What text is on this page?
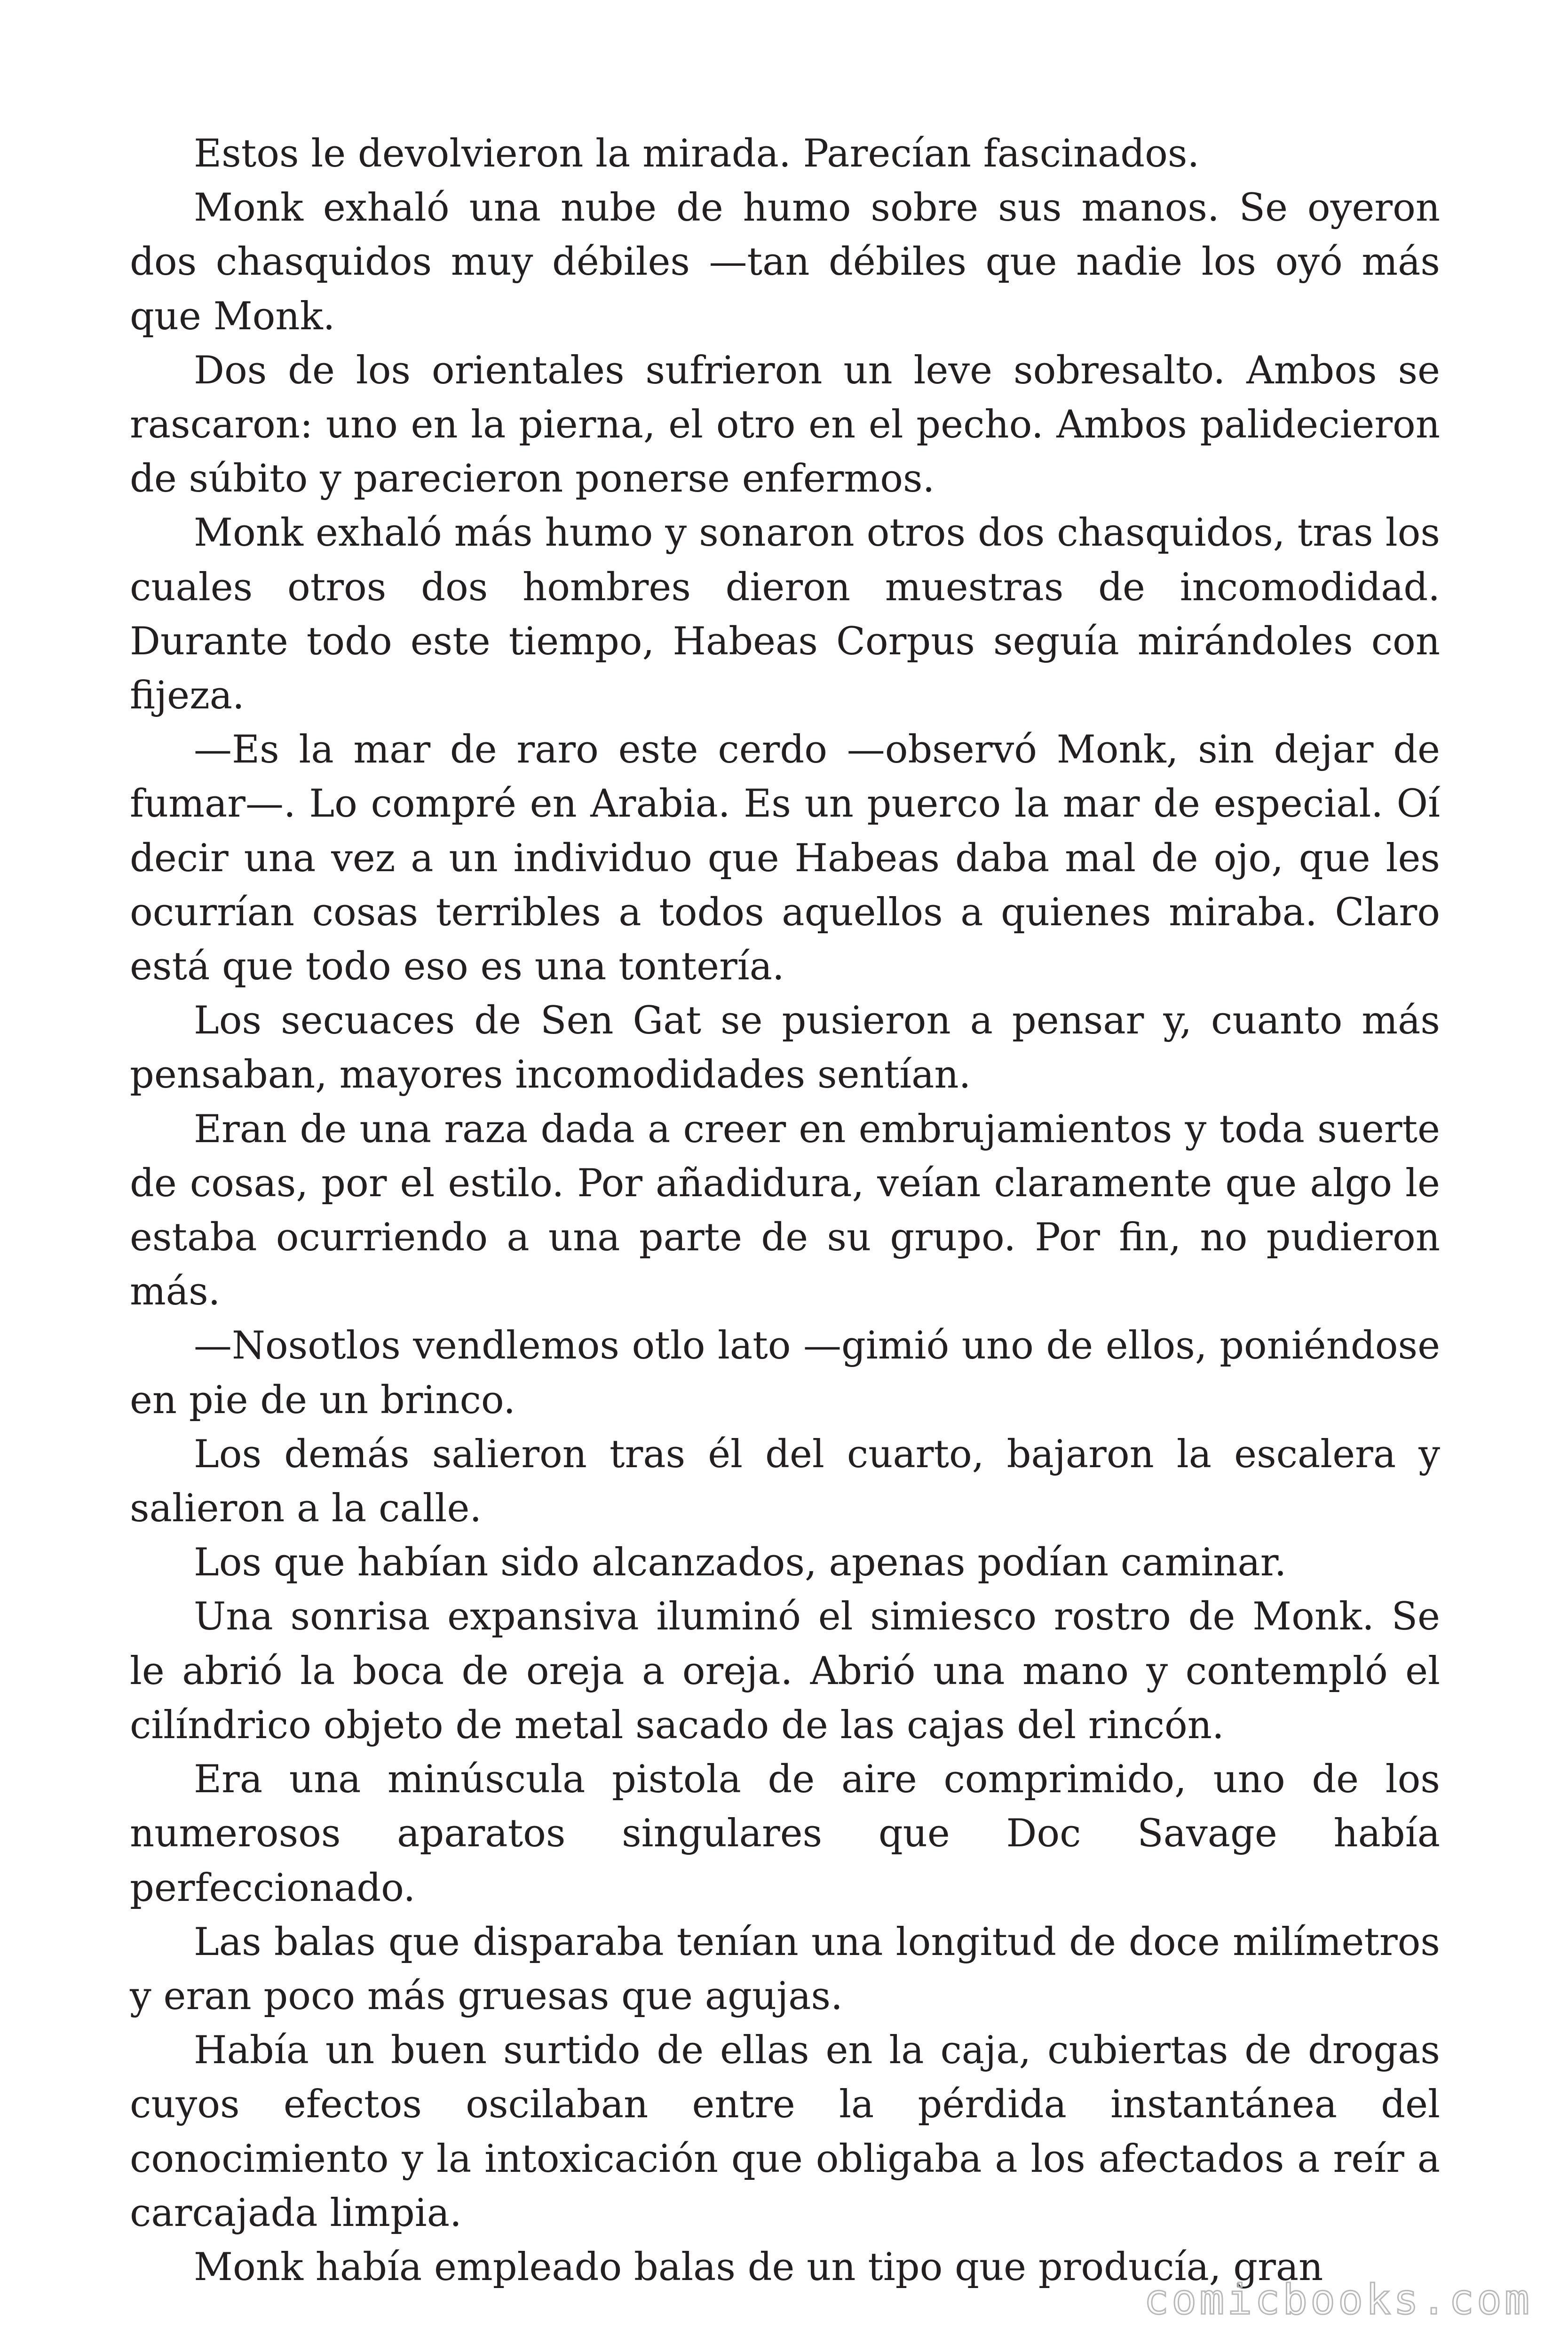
Estos le devolvieron la mirada. Parecían fascinados.

Monk exhaló una nube de humo sobre sus manos. Se oyeron dos chasquidos muy débiles —tan débiles que nadie los oyó más que Monk.

Dos de los orientales sufrieron un leve sobresalto. Ambos se rascaron: uno en la pierna, el otro en el pecho. Ambos palidecieron de súbito y parecieron ponerse enfermos.

Monk exhaló más humo y sonaron otros dos chasquidos, tras los cuales otros dos hombres dieron muestras de incomodidad. Durante todo este tiempo, Habeas Corpus seguía mirándoles con fijeza.

—Es la mar de raro este cerdo —observó Monk, sin dejar de fumar—. Lo compré en Arabia. Es un puerco la mar de especial. Oí decir una vez a un individuo que Habeas daba mal de ojo, que les ocurrían cosas terribles a todos aquellos a quienes miraba. Claro está que todo eso es una tontería.

Los secuaces de Sen Gat se pusieron a pensar y, cuanto más pensaban, mayores incomodidades sentían.

Eran de una raza dada a creer en embrujamientos y toda suerte de cosas, por el estilo. Por añadidura, veían claramente que algo le estaba ocurriendo a una parte de su grupo. Por fin, no pudieron más.

—Nosotlos vendlemos otlo lato —gimió uno de ellos, poniéndose en pie de un brinco.

Los demás salieron tras él del cuarto, bajaron la escalera y salieron a la calle.

Los que habían sido alcanzados, apenas podían caminar.

Una sonrisa expansiva iluminó el simiesco rostro de Monk. Se le abrió la boca de oreja a oreja. Abrió una mano y contempló el cilíndrico objeto de metal sacado de las cajas del rincón.

Era una minúscula pistola de aire comprimido, uno de los numerosos aparatos singulares que Doc Savage había perfeccionado.

Las balas que disparaba tenían una longitud de doce milímetros y eran poco más gruesas que agujas.

Había un buen surtido de ellas en la caja, cubiertas de drogas cuyos efectos oscilaban entre la pérdida instantánea del conocimiento y la intoxicación que obligaba a los afectados a reír a carcajada limpia.

Monk había empleado balas de un tipo que producía, gran

comicbooks.com
